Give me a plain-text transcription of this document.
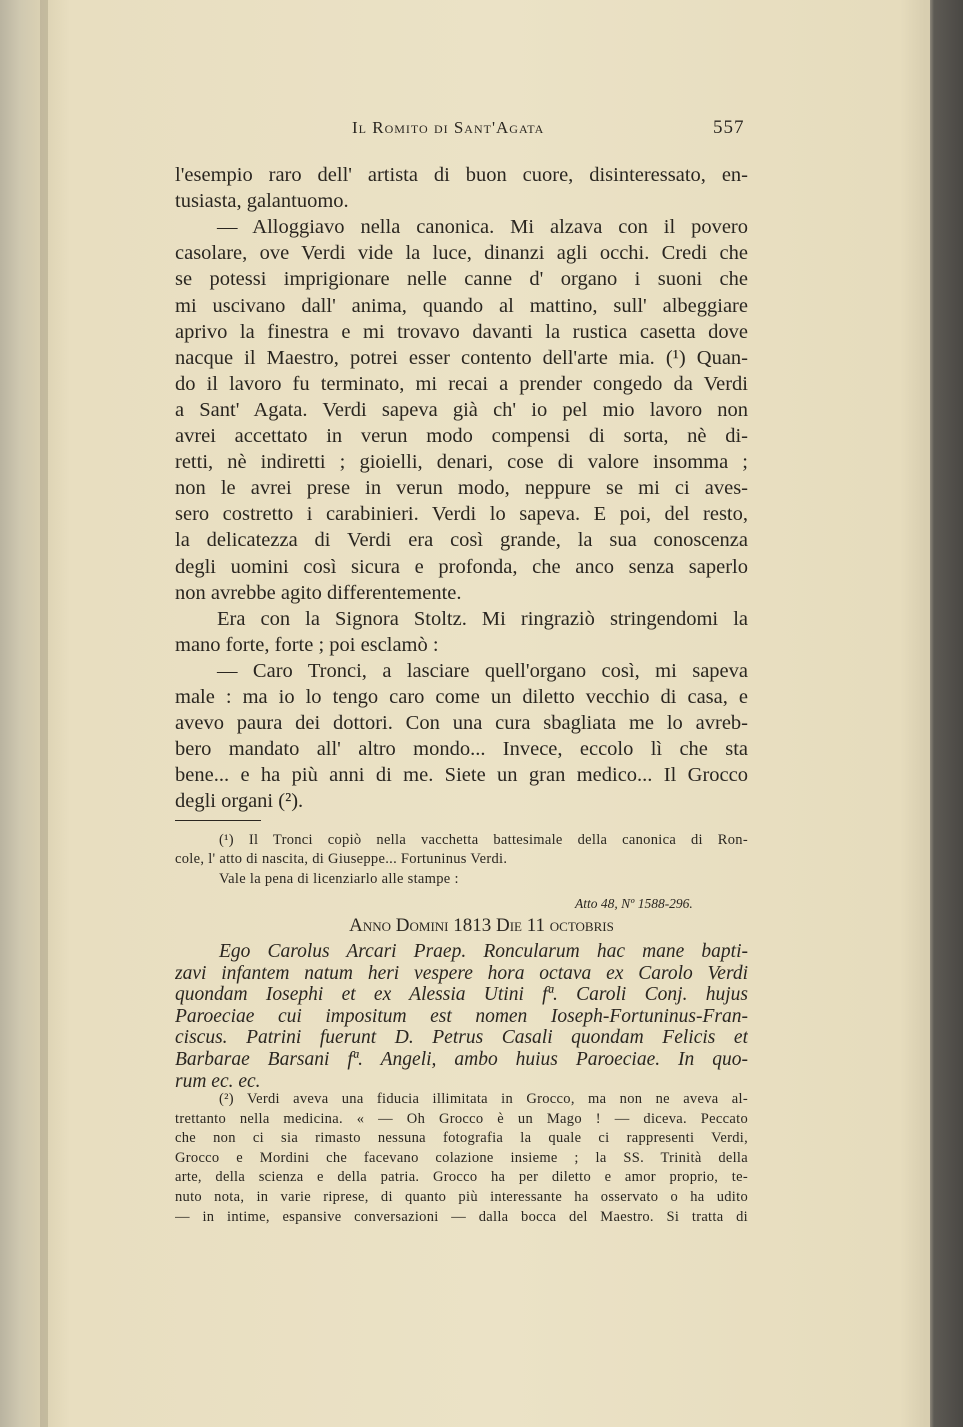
Il Romito di Sant'Agata	557
l'esempio raro dell' artista di buon cuore, disinteressato, en-
tusiasta, galantuomo.
— Alloggiavo nella canonica. Mi alzava con il povero
casolare, ove Verdi vide la luce, dinanzi agli occhi. Credi che
se potessi imprigionare nelle canne d' organo i suoni che
mi uscivano dall' anima, quando al mattino, sull' albeggiare
aprivo la finestra e mi trovavo davanti la rustica casetta dove
nacque il Maestro, potrei esser contento dell'arte mia. (¹) Quan-
do il lavoro fu terminato, mi recai a prender congedo da Verdi
a Sant' Agata. Verdi sapeva già ch' io pel mio lavoro non
avrei accettato in verun modo compensi di sorta, nè di-
retti, nè indiretti ; gioielli, denari, cose di valore insomma ;
non le avrei prese in verun modo, neppure se mi ci aves-
sero costretto i carabinieri. Verdi lo sapeva. E poi, del resto,
la delicatezza di Verdi era così grande, la sua conoscenza
degli uomini così sicura e profonda, che anco senza saperlo
non avrebbe agito differentemente.
Era con la Signora Stoltz. Mi ringraziò stringendomi la
mano forte, forte ; poi esclamò :
— Caro Tronci, a lasciare quell'organo così, mi sapeva
male : ma io lo tengo caro come un diletto vecchio di casa, e
avevo paura dei dottori. Con una cura sbagliata me lo avreb-
bero mandato all' altro mondo... Invece, eccolo lì che sta
bene... e ha più anni di me. Siete un gran medico... Il Grocco
degli organi (²).
(¹) Il Tronci copiò nella vacchetta battesimale della canonica di Ron-
cole, l' atto di nascita, di Giuseppe... Fortuninus Verdi.
Vale la pena di licenziarlo alle stampe :
Atto 48, Nº 1588-296.
Anno Domini 1813 Die 11 octobris
Ego Carolus Arcari Praep. Roncularum hac mane bapti-
zavi infantem natum heri vespere hora octava ex Carolo Verdi
quondam Iosephi et ex Alessia Utini fª. Caroli Conj. hujus
Paroeciae cui impositum est nomen Ioseph-Fortuninus-Fran-
ciscus. Patrini fuerunt D. Petrus Casali quondam Felicis et
Barbarae Barsani fª. Angeli, ambo huius Paroeciae. In quo-
rum ec. ec.
(²) Verdi aveva una fiducia illimitata in Grocco, ma non ne aveva al-
trettanto nella medicina. « — Oh Grocco è un Mago ! — diceva. Peccato
che non ci sia rimasto nessuna fotografia la quale ci rappresenti Verdi,
Grocco e Mordini che facevano colazione insieme ; la SS. Trinità della
arte, della scienza e della patria. Grocco ha per diletto e amor proprio, te-
nuto nota, in varie riprese, di quanto più interessante ha osservato o ha udito
— in intime, espansive conversazioni — dalla bocca del Maestro. Si tratta di
